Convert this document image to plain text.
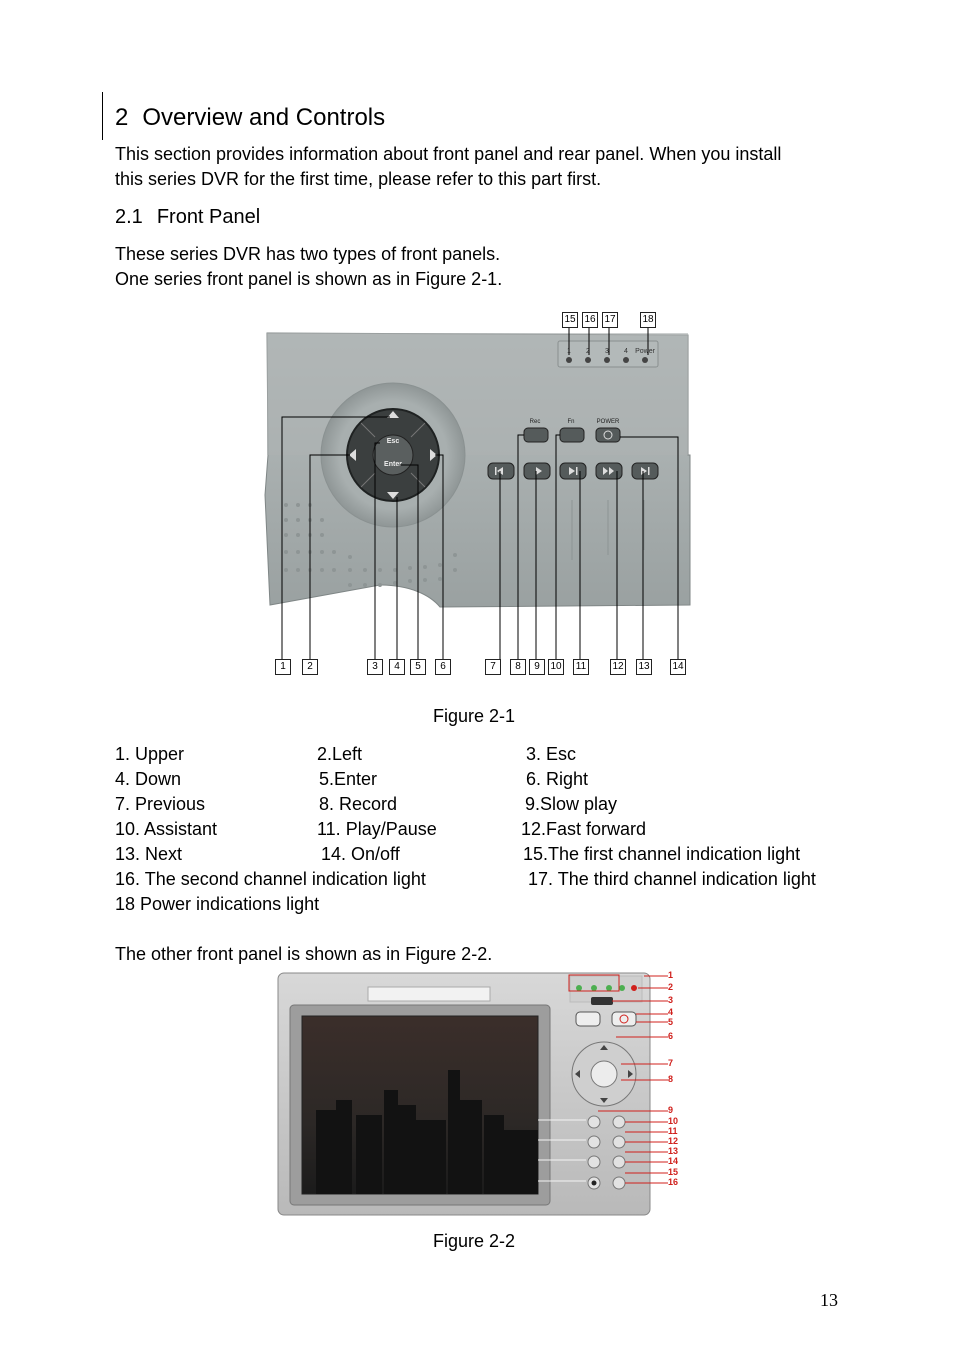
2 Overview and Controls
This section provides information about front panel and rear panel. When you install
this series DVR for the first time, please refer to this part first.
2.1 Front Panel
These series DVR has two types of front panels.
One series front panel is shown as in Figure 2-1.
1 2 3 4 Power
Esc
Enter
Rec	Fn	POWER
15 16 17	18
1	2	3	4	5	6	7	8	9	10 11	12 13 14
Figure 2-1
1. Upper	2.Left	3. Esc
4. Down	5.Enter	6. Right
7. Previous	8. Record	9.Slow play
10. Assistant	11. Play/Pause	12.Fast forward
13. Next	14. On/off	15.The first channel indication light
16. The second channel indication light	17. The third channel indication light
18 Power indications light
The other front panel is shown as in Figure 2-2.
1
2
3
4
5
6
7
8
9
10
11
12
13
14
15
16
Figure 2-2
13
